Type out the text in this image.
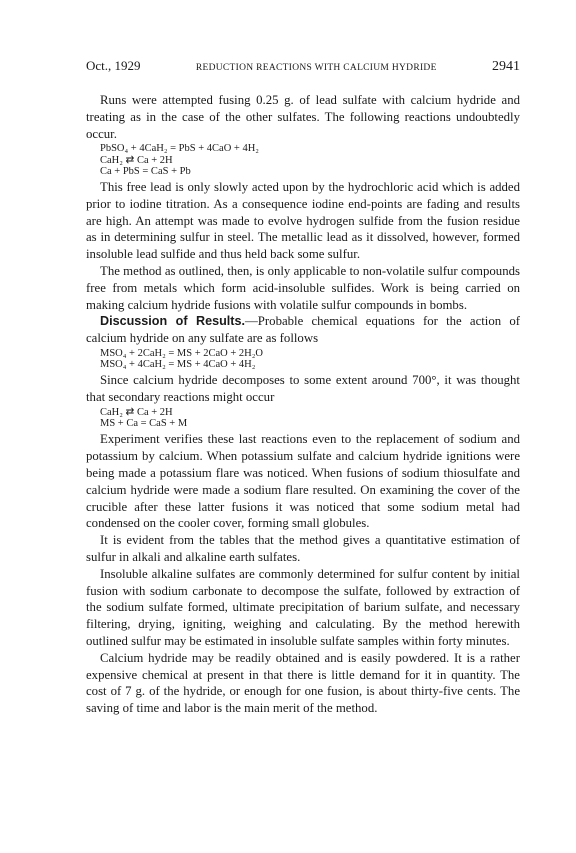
Oct., 1929	REDUCTION REACTIONS WITH CALCIUM HYDRIDE	2941

Runs were attempted fusing 0.25 g. of lead sulfate with calcium hydride and treating as in the case of the other sulfates. The following reactions undoubtedly occur.

PbSO₄ + 4CaH₂ = PbS + 4CaO + 4H₂

CaH₂ ⇄ Ca + 2H

Ca + PbS = CaS + Pb

This free lead is only slowly acted upon by the hydrochloric acid which is added prior to iodine titration. As a consequence iodine end-points are fading and results are high. An attempt was made to evolve hydrogen sulfide from the fusion residue as in determining sulfur in steel. The metallic lead as it dissolved, however, formed insoluble lead sulfide and thus held back some sulfur.

The method as outlined, then, is only applicable to non-volatile sulfur compounds free from metals which form acid-insoluble sulfides. Work is being carried on making calcium hydride fusions with volatile sulfur compounds in bombs.

Discussion of Results.—Probable chemical equations for the action of calcium hydride on any sulfate are as follows

MSO₄ + 2CaH₂ = MS + 2CaO + 2H₂O

MSO₄ + 4CaH₂ = MS + 4CaO + 4H₂

Since calcium hydride decomposes to some extent around 700°, it was thought that secondary reactions might occur

CaH₂ ⇄ Ca + 2H

MS + Ca = CaS + M

Experiment verifies these last reactions even to the replacement of sodium and potassium by calcium. When potassium sulfate and calcium hydride ignitions were being made a potassium flare was noticed. When fusions of sodium thiosulfate and calcium hydride were made a sodium flare resulted. On examining the cover of the crucible after these latter fusions it was noticed that some sodium metal had condensed on the cooler cover, forming small globules.

It is evident from the tables that the method gives a quantitative estimation of sulfur in alkali and alkaline earth sulfates.

Insoluble alkaline sulfates are commonly determined for sulfur content by initial fusion with sodium carbonate to decompose the sulfate, followed by extraction of the sodium sulfate formed, ultimate precipitation of barium sulfate, and necessary filtering, drying, igniting, weighing and calculating. By the method herewith outlined sulfur may be estimated in insoluble sulfate samples within forty minutes.

Calcium hydride may be readily obtained and is easily powdered. It is a rather expensive chemical at present in that there is little demand for it in quantity. The cost of 7 g. of the hydride, or enough for one fusion, is about thirty-five cents. The saving of time and labor is the main merit of the method.
